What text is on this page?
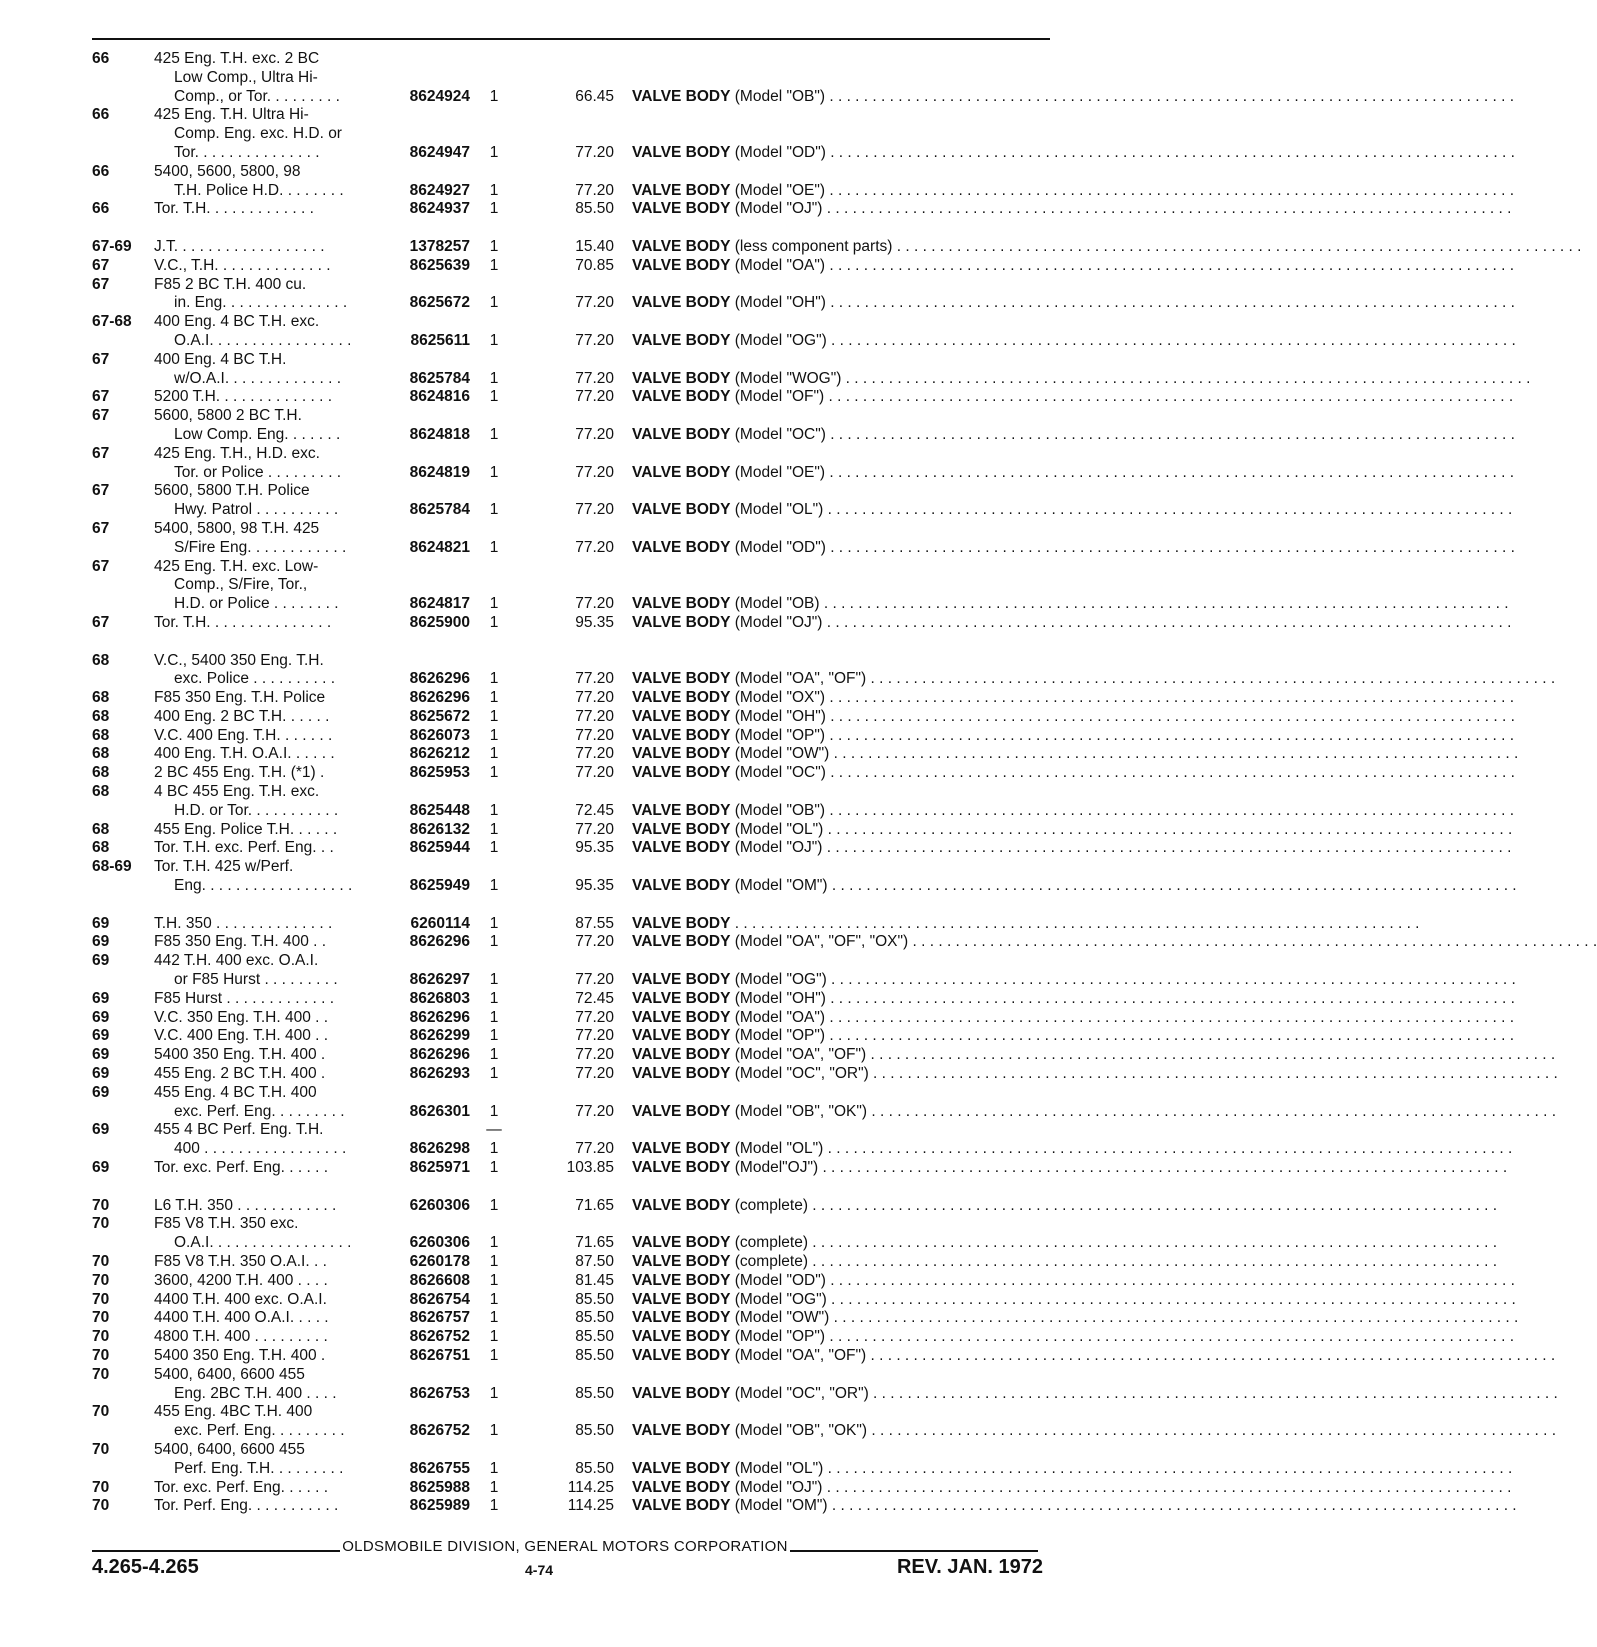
66	425 Eng. T.H. exc. 2 BC
Low Comp., Ultra Hi-
Comp., or Tor. . . . . . . . .	8624924	1	66.45 VALVE BODY (Model "OB") . . . . . . . . . . . . . . . . . . . . . . . . . . . . . . . . . . . . . . . . . . . . . . . . . . . . . . . . . . . . . . . . . . . . . . . . . . . . . . . .
66	425 Eng. T.H. Ultra Hi-
Comp. Eng. exc. H.D. or
Tor. . . . . . . . . . . . . . .	8624947	1	77.20 VALVE BODY (Model "OD") . . . . . . . . . . . . . . . . . . . . . . . . . . . . . . . . . . . . . . . . . . . . . . . . . . . . . . . . . . . . . . . . . . . . . . . . . . . . . . . .
66	5400, 5600, 5800, 98
T.H. Police H.D. . . . . . . .	8624927	1	77.20 VALVE BODY (Model "OE") . . . . . . . . . . . . . . . . . . . . . . . . . . . . . . . . . . . . . . . . . . . . . . . . . . . . . . . . . . . . . . . . . . . . . . . . . . . . . . . .
66	Tor. T.H. . . . . . . . . . . . .	8624937	1	85.50 VALVE BODY (Model "OJ") . . . . . . . . . . . . . . . . . . . . . . . . . . . . . . . . . . . . . . . . . . . . . . . . . . . . . . . . . . . . . . . . . . . . . . . . . . . . . . . .
67-69	J.T. . . . . . . . . . . . . . . . . .	1378257	1	15.40 VALVE BODY (less component parts) . . . . . . . . . . . . . . . . . . . . . . . . . . . . . . . . . . . . . . . . . . . . . . . . . . . . . . . . . . . . . . . . . . . . . . . . . . . . . . . .
67	V.C., T.H. . . . . . . . . . . . . .	8625639	1	70.85 VALVE BODY (Model "OA") . . . . . . . . . . . . . . . . . . . . . . . . . . . . . . . . . . . . . . . . . . . . . . . . . . . . . . . . . . . . . . . . . . . . . . . . . . . . . . . .
67	F85 2 BC T.H. 400 cu.
in. Eng. . . . . . . . . . . . . . .	8625672	1	77.20 VALVE BODY (Model "OH") . . . . . . . . . . . . . . . . . . . . . . . . . . . . . . . . . . . . . . . . . . . . . . . . . . . . . . . . . . . . . . . . . . . . . . . . . . . . . . . .
67-68	400 Eng. 4 BC T.H. exc.
O.A.I. . . . . . . . . . . . . . . . .	8625611	1	77.20 VALVE BODY (Model "OG") . . . . . . . . . . . . . . . . . . . . . . . . . . . . . . . . . . . . . . . . . . . . . . . . . . . . . . . . . . . . . . . . . . . . . . . . . . . . . . . .
67	400 Eng. 4 BC T.H.
w/O.A.I. . . . . . . . . . . . . .	8625784	1	77.20 VALVE BODY (Model "WOG") . . . . . . . . . . . . . . . . . . . . . . . . . . . . . . . . . . . . . . . . . . . . . . . . . . . . . . . . . . . . . . . . . . . . . . . . . . . . . . . .
67	5200 T.H. . . . . . . . . . . . . .	8624816	1	77.20 VALVE BODY (Model "OF") . . . . . . . . . . . . . . . . . . . . . . . . . . . . . . . . . . . . . . . . . . . . . . . . . . . . . . . . . . . . . . . . . . . . . . . . . . . . . . . .
67	5600, 5800 2 BC T.H.
Low Comp. Eng. . . . . . .	8624818	1	77.20 VALVE BODY (Model "OC") . . . . . . . . . . . . . . . . . . . . . . . . . . . . . . . . . . . . . . . . . . . . . . . . . . . . . . . . . . . . . . . . . . . . . . . . . . . . . . . .
67	425 Eng. T.H., H.D. exc.
Tor. or Police . . . . . . . . .	8624819	1	77.20 VALVE BODY (Model "OE") . . . . . . . . . . . . . . . . . . . . . . . . . . . . . . . . . . . . . . . . . . . . . . . . . . . . . . . . . . . . . . . . . . . . . . . . . . . . . . . .
67	5600, 5800 T.H. Police
Hwy. Patrol . . . . . . . . . .	8625784	1	77.20 VALVE BODY (Model "OL") . . . . . . . . . . . . . . . . . . . . . . . . . . . . . . . . . . . . . . . . . . . . . . . . . . . . . . . . . . . . . . . . . . . . . . . . . . . . . . . .
67	5400, 5800, 98 T.H. 425
S/Fire Eng. . . . . . . . . . . .	8624821	1	77.20 VALVE BODY (Model "OD") . . . . . . . . . . . . . . . . . . . . . . . . . . . . . . . . . . . . . . . . . . . . . . . . . . . . . . . . . . . . . . . . . . . . . . . . . . . . . . . .
67	425 Eng. T.H. exc. Low-
Comp., S/Fire, Tor.,
H.D. or Police . . . . . . . .	8624817	1	77.20 VALVE BODY (Model "OB) . . . . . . . . . . . . . . . . . . . . . . . . . . . . . . . . . . . . . . . . . . . . . . . . . . . . . . . . . . . . . . . . . . . . . . . . . . . . . . . .
67	Tor. T.H. . . . . . . . . . . . . . .	8625900	1	95.35 VALVE BODY (Model "OJ") . . . . . . . . . . . . . . . . . . . . . . . . . . . . . . . . . . . . . . . . . . . . . . . . . . . . . . . . . . . . . . . . . . . . . . . . . . . . . . . .
68	V.C., 5400 350 Eng. T.H.
exc. Police . . . . . . . . . .	8626296	1	77.20 VALVE BODY (Model "OA", "OF") . . . . . . . . . . . . . . . . . . . . . . . . . . . . . . . . . . . . . . . . . . . . . . . . . . . . . . . . . . . . . . . . . . . . . . . . . . . . . . . .
68	F85 350 Eng. T.H. Police	8626296	1	77.20 VALVE BODY (Model "OX") . . . . . . . . . . . . . . . . . . . . . . . . . . . . . . . . . . . . . . . . . . . . . . . . . . . . . . . . . . . . . . . . . . . . . . . . . . . . . . . .
68	400 Eng. 2 BC T.H. . . . . .	8625672	1	77.20 VALVE BODY (Model "OH") . . . . . . . . . . . . . . . . . . . . . . . . . . . . . . . . . . . . . . . . . . . . . . . . . . . . . . . . . . . . . . . . . . . . . . . . . . . . . . . .
68	V.C. 400 Eng. T.H. . . . . . .	8626073	1	77.20 VALVE BODY (Model "OP") . . . . . . . . . . . . . . . . . . . . . . . . . . . . . . . . . . . . . . . . . . . . . . . . . . . . . . . . . . . . . . . . . . . . . . . . . . . . . . . .
68	400 Eng. T.H. O.A.I. . . . . .	8626212	1	77.20 VALVE BODY (Model "OW") . . . . . . . . . . . . . . . . . . . . . . . . . . . . . . . . . . . . . . . . . . . . . . . . . . . . . . . . . . . . . . . . . . . . . . . . . . . . . . . .
68	2 BC 455 Eng. T.H. (*1) .	8625953	1	77.20 VALVE BODY (Model "OC") . . . . . . . . . . . . . . . . . . . . . . . . . . . . . . . . . . . . . . . . . . . . . . . . . . . . . . . . . . . . . . . . . . . . . . . . . . . . . . . .
68	4 BC 455 Eng. T.H. exc.
H.D. or Tor. . . . . . . . . . .	8625448	1	72.45 VALVE BODY (Model "OB") . . . . . . . . . . . . . . . . . . . . . . . . . . . . . . . . . . . . . . . . . . . . . . . . . . . . . . . . . . . . . . . . . . . . . . . . . . . . . . . .
68	455 Eng. Police T.H. . . . . .	8626132	1	77.20 VALVE BODY (Model "OL") . . . . . . . . . . . . . . . . . . . . . . . . . . . . . . . . . . . . . . . . . . . . . . . . . . . . . . . . . . . . . . . . . . . . . . . . . . . . . . . .
68	Tor. T.H. exc. Perf. Eng. . .	8625944	1	95.35 VALVE BODY (Model "OJ") . . . . . . . . . . . . . . . . . . . . . . . . . . . . . . . . . . . . . . . . . . . . . . . . . . . . . . . . . . . . . . . . . . . . . . . . . . . . . . . .
68-69	Tor. T.H. 425 w/Perf.
Eng. . . . . . . . . . . . . . . . . .	8625949	1	95.35 VALVE BODY (Model "OM") . . . . . . . . . . . . . . . . . . . . . . . . . . . . . . . . . . . . . . . . . . . . . . . . . . . . . . . . . . . . . . . . . . . . . . . . . . . . . . . .
69	T.H. 350 . . . . . . . . . . . . . .	6260114	1	87.55 VALVE BODY . . . . . . . . . . . . . . . . . . . . . . . . . . . . . . . . . . . . . . . . . . . . . . . . . . . . . . . . . . . . . . . . . . . . . . . . . . . . . . . .
69	F85 350 Eng. T.H. 400 . .	8626296	1	77.20 VALVE BODY (Model "OA", "OF", "OX") . . . . . . . . . . . . . . . . . . . . . . . . . . . . . . . . . . . . . . . . . . . . . . . . . . . . . . . . . . . . . . . . . . . . . . . . . . . . . . . .
69	442 T.H. 400 exc. O.A.I.
or F85 Hurst . . . . . . . . .	8626297	1	77.20 VALVE BODY (Model "OG") . . . . . . . . . . . . . . . . . . . . . . . . . . . . . . . . . . . . . . . . . . . . . . . . . . . . . . . . . . . . . . . . . . . . . . . . . . . . . . . .
69	F85 Hurst . . . . . . . . . . . . .	8626803	1	72.45 VALVE BODY (Model "OH") . . . . . . . . . . . . . . . . . . . . . . . . . . . . . . . . . . . . . . . . . . . . . . . . . . . . . . . . . . . . . . . . . . . . . . . . . . . . . . . .
69	V.C. 350 Eng. T.H. 400 . .	8626296	1	77.20 VALVE BODY (Model "OA") . . . . . . . . . . . . . . . . . . . . . . . . . . . . . . . . . . . . . . . . . . . . . . . . . . . . . . . . . . . . . . . . . . . . . . . . . . . . . . . .
69	V.C. 400 Eng. T.H. 400 . .	8626299	1	77.20 VALVE BODY (Model "OP") . . . . . . . . . . . . . . . . . . . . . . . . . . . . . . . . . . . . . . . . . . . . . . . . . . . . . . . . . . . . . . . . . . . . . . . . . . . . . . . .
69	5400 350 Eng. T.H. 400 .	8626296	1	77.20 VALVE BODY (Model "OA", "OF") . . . . . . . . . . . . . . . . . . . . . . . . . . . . . . . . . . . . . . . . . . . . . . . . . . . . . . . . . . . . . . . . . . . . . . . . . . . . . . . .
69	455 Eng. 2 BC T.H. 400 .	8626293	1	77.20 VALVE BODY (Model "OC", "OR") . . . . . . . . . . . . . . . . . . . . . . . . . . . . . . . . . . . . . . . . . . . . . . . . . . . . . . . . . . . . . . . . . . . . . . . . . . . . . . . .
69	455 Eng. 4 BC T.H. 400
exc. Perf. Eng. . . . . . . . .	8626301	1	77.20 VALVE BODY (Model "OB", "OK") . . . . . . . . . . . . . . . . . . . . . . . . . . . . . . . . . . . . . . . . . . . . . . . . . . . . . . . . . . . . . . . . . . . . . . . . . . . . . . . .
69	455 4 BC Perf. Eng. T.H.	—
400 . . . . . . . . . . . . . . . . .	8626298	1	77.20 VALVE BODY (Model "OL") . . . . . . . . . . . . . . . . . . . . . . . . . . . . . . . . . . . . . . . . . . . . . . . . . . . . . . . . . . . . . . . . . . . . . . . . . . . . . . . .
69	Tor. exc. Perf. Eng. . . . . .	8625971	1	103.85 VALVE BODY (Model"OJ") . . . . . . . . . . . . . . . . . . . . . . . . . . . . . . . . . . . . . . . . . . . . . . . . . . . . . . . . . . . . . . . . . . . . . . . . . . . . . . . .
70	L6 T.H. 350 . . . . . . . . . . . .	6260306	1	71.65 VALVE BODY (complete) . . . . . . . . . . . . . . . . . . . . . . . . . . . . . . . . . . . . . . . . . . . . . . . . . . . . . . . . . . . . . . . . . . . . . . . . . . . . . . . .
70	F85 V8 T.H. 350 exc.
O.A.I. . . . . . . . . . . . . . . . .	6260306	1	71.65 VALVE BODY (complete) . . . . . . . . . . . . . . . . . . . . . . . . . . . . . . . . . . . . . . . . . . . . . . . . . . . . . . . . . . . . . . . . . . . . . . . . . . . . . . . .
70	F85 V8 T.H. 350 O.A.I. . .	6260178	1	87.50 VALVE BODY (complete) . . . . . . . . . . . . . . . . . . . . . . . . . . . . . . . . . . . . . . . . . . . . . . . . . . . . . . . . . . . . . . . . . . . . . . . . . . . . . . . .
70	3600, 4200 T.H. 400 . . . .	8626608	1	81.45 VALVE BODY (Model "OD") . . . . . . . . . . . . . . . . . . . . . . . . . . . . . . . . . . . . . . . . . . . . . . . . . . . . . . . . . . . . . . . . . . . . . . . . . . . . . . . .
70	4400 T.H. 400 exc. O.A.I.	8626754	1	85.50 VALVE BODY (Model "OG") . . . . . . . . . . . . . . . . . . . . . . . . . . . . . . . . . . . . . . . . . . . . . . . . . . . . . . . . . . . . . . . . . . . . . . . . . . . . . . . .
70	4400 T.H. 400 O.A.I. . . . .	8626757	1	85.50 VALVE BODY (Model "OW") . . . . . . . . . . . . . . . . . . . . . . . . . . . . . . . . . . . . . . . . . . . . . . . . . . . . . . . . . . . . . . . . . . . . . . . . . . . . . . . .
70	4800 T.H. 400 . . . . . . . . .	8626752	1	85.50 VALVE BODY (Model "OP") . . . . . . . . . . . . . . . . . . . . . . . . . . . . . . . . . . . . . . . . . . . . . . . . . . . . . . . . . . . . . . . . . . . . . . . . . . . . . . . .
70	5400 350 Eng. T.H. 400 .	8626751	1	85.50 VALVE BODY (Model "OA", "OF") . . . . . . . . . . . . . . . . . . . . . . . . . . . . . . . . . . . . . . . . . . . . . . . . . . . . . . . . . . . . . . . . . . . . . . . . . . . . . . . .
70	5400, 6400, 6600 455
Eng. 2BC T.H. 400 . . . .	8626753	1	85.50 VALVE BODY (Model "OC", "OR") . . . . . . . . . . . . . . . . . . . . . . . . . . . . . . . . . . . . . . . . . . . . . . . . . . . . . . . . . . . . . . . . . . . . . . . . . . . . . . . .
70	455 Eng. 4BC T.H. 400
exc. Perf. Eng. . . . . . . . .	8626752	1	85.50 VALVE BODY (Model "OB", "OK") . . . . . . . . . . . . . . . . . . . . . . . . . . . . . . . . . . . . . . . . . . . . . . . . . . . . . . . . . . . . . . . . . . . . . . . . . . . . . . . .
70	5400, 6400, 6600 455
Perf. Eng. T.H. . . . . . . . .	8626755	1	85.50 VALVE BODY (Model "OL") . . . . . . . . . . . . . . . . . . . . . . . . . . . . . . . . . . . . . . . . . . . . . . . . . . . . . . . . . . . . . . . . . . . . . . . . . . . . . . . .
70	Tor. exc. Perf. Eng. . . . . .	8625988	1	114.25 VALVE BODY (Model "OJ") . . . . . . . . . . . . . . . . . . . . . . . . . . . . . . . . . . . . . . . . . . . . . . . . . . . . . . . . . . . . . . . . . . . . . . . . . . . . . . . .
70	Tor. Perf. Eng. . . . . . . . . . .	8625989	1	114.25 VALVE BODY (Model "OM") . . . . . . . . . . . . . . . . . . . . . . . . . . . . . . . . . . . . . . . . . . . . . . . . . . . . . . . . . . . . . . . . . . . . . . . . . . . . . . . .
OLDSMOBILE DIVISION, GENERAL MOTORS CORPORATION
4.265-4.265	4-74	REV. JAN. 1972
